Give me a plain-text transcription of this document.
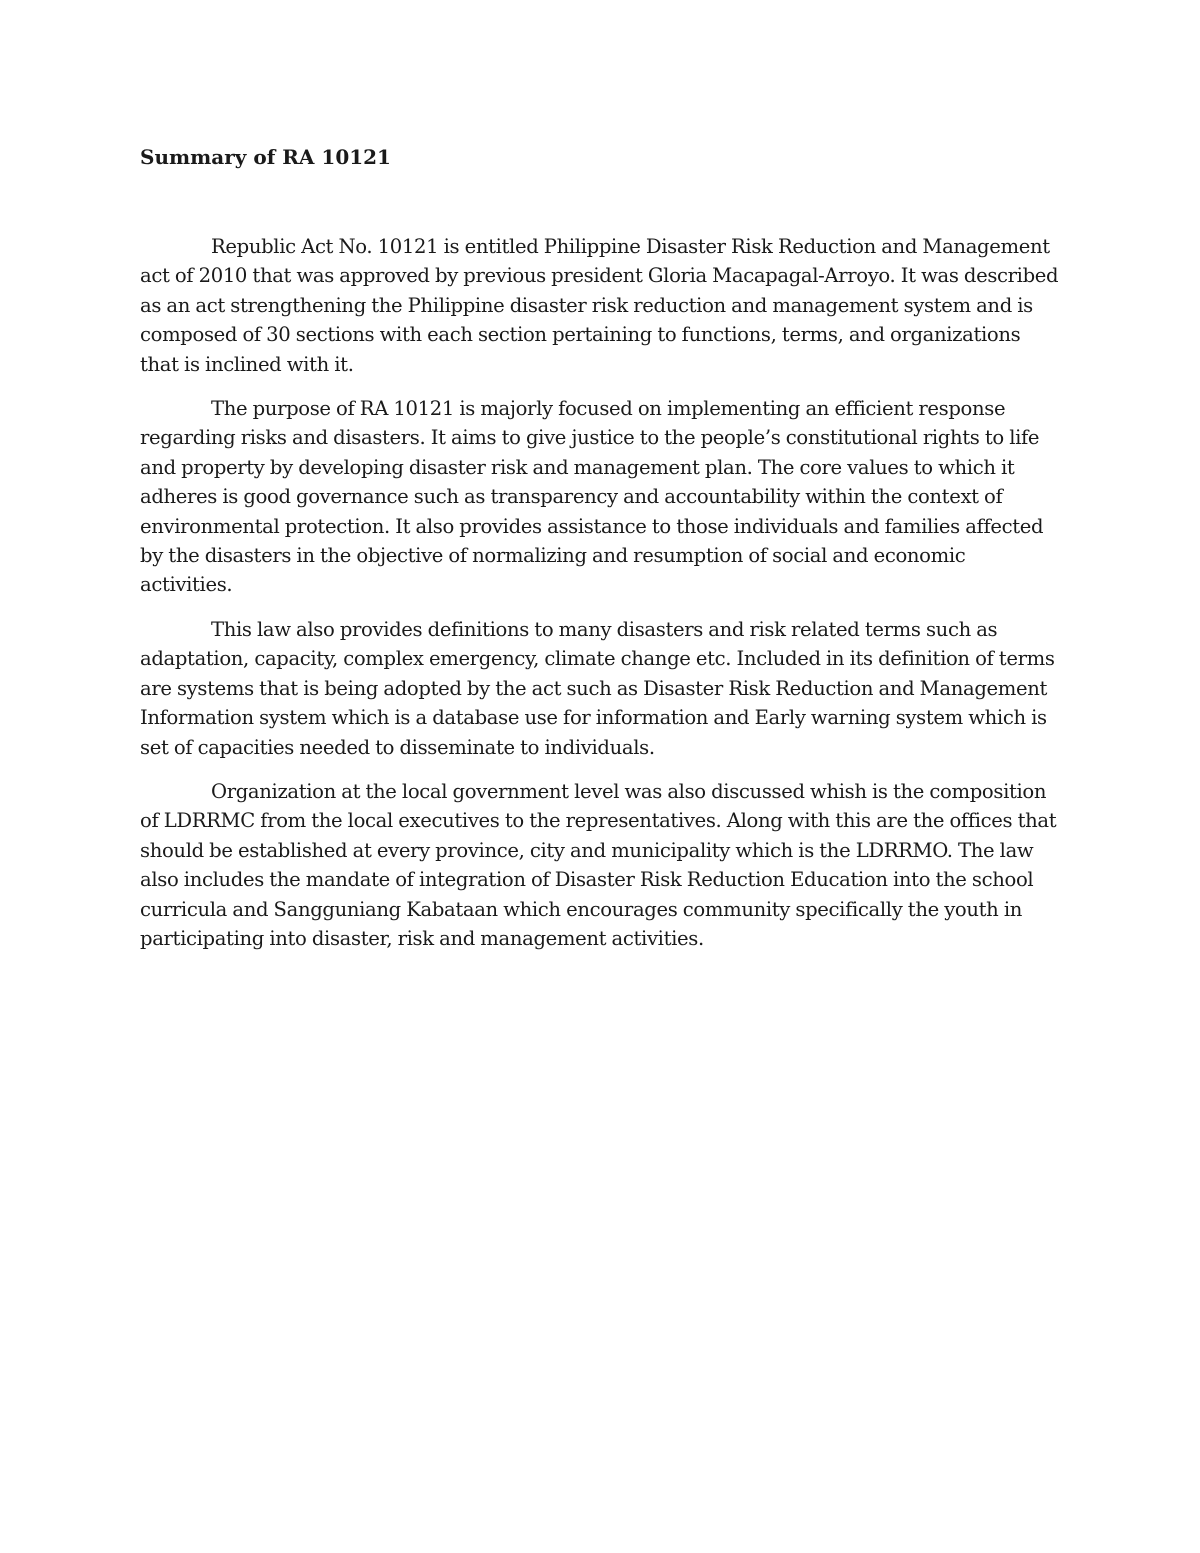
Summary of RA 10121

Republic Act No. 10121 is entitled Philippine Disaster Risk Reduction and Management act of 2010 that was approved by previous president Gloria Macapagal-Arroyo. It was described as an act strengthening the Philippine disaster risk reduction and management system and is composed of 30 sections with each section pertaining to functions, terms, and organizations that is inclined with it.

The purpose of RA 10121 is majorly focused on implementing an efficient response regarding risks and disasters. It aims to give justice to the people’s constitutional rights to life and property by developing disaster risk and management plan. The core values to which it adheres is good governance such as transparency and accountability within the context of environmental protection. It also provides assistance to those individuals and families affected by the disasters in the objective of normalizing and resumption of social and economic activities.

This law also provides definitions to many disasters and risk related terms such as adaptation, capacity, complex emergency, climate change etc. Included in its definition of terms are systems that is being adopted by the act such as Disaster Risk Reduction and Management Information system which is a database use for information and Early warning system which is set of capacities needed to disseminate to individuals.

Organization at the local government level was also discussed whish is the composition of LDRRMC from the local executives to the representatives. Along with this are the offices that should be established at every province, city and municipality which is the LDRRMO. The law also includes the mandate of integration of Disaster Risk Reduction Education into the school curricula and Sangguniang Kabataan which encourages community specifically the youth in participating into disaster, risk and management activities.
